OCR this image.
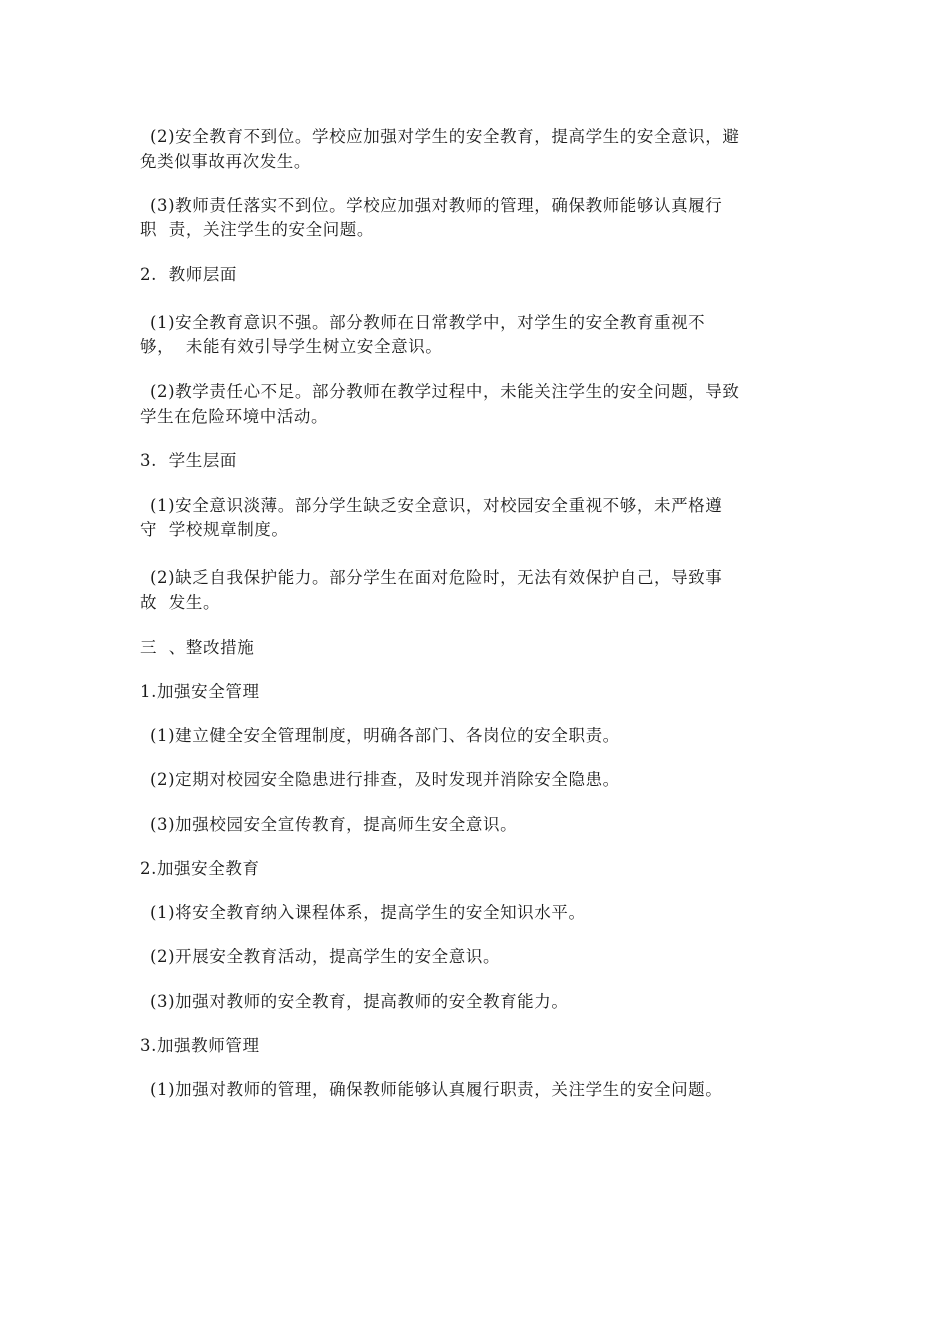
(2)安全教育不到位。学校应加强对学生的安全教育，提高学生的安全意识，避
免类似事故再次发生。
(3)教师责任落实不到位。学校应加强对教师的管理，确保教师能够认真履行
职  责，关注学生的安全问题。
2.  教师层面
(1)安全教育意识不强。部分教师在日常教学中，对学生的安全教育重视不
够，  未能有效引导学生树立安全意识。
(2)教学责任心不足。部分教师在教学过程中，未能关注学生的安全问题，导致
学生在危险环境中活动。
3.  学生层面
(1)安全意识淡薄。部分学生缺乏安全意识，对校园安全重视不够，未严格遵
守  学校规章制度。
(2)缺乏自我保护能力。部分学生在面对危险时，无法有效保护自己，导致事
故  发生。
三  、整改措施
1.加强安全管理
(1)建立健全安全管理制度，明确各部门、各岗位的安全职责。
(2)定期对校园安全隐患进行排查，及时发现并消除安全隐患。
(3)加强校园安全宣传教育，提高师生安全意识。
2.加强安全教育
(1)将安全教育纳入课程体系，提高学生的安全知识水平。
(2)开展安全教育活动，提高学生的安全意识。
(3)加强对教师的安全教育，提高教师的安全教育能力。
3.加强教师管理
(1)加强对教师的管理，确保教师能够认真履行职责，关注学生的安全问题。
